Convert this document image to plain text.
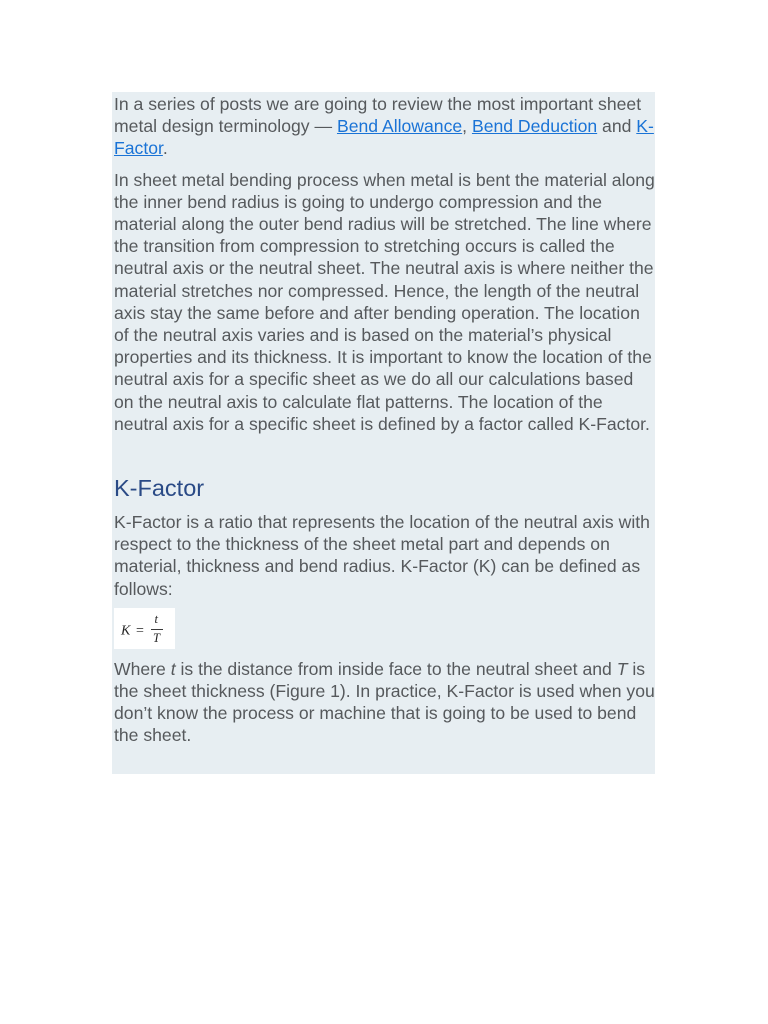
In a series of posts we are going to review the most important sheet metal design terminology — Bend Allowance, Bend Deduction and K-Factor.

In sheet metal bending process when metal is bent the material along the inner bend radius is going to undergo compression and the material along the outer bend radius will be stretched. The line where the transition from compression to stretching occurs is called the neutral axis or the neutral sheet. The neutral axis is where neither the material stretches nor compressed. Hence, the length of the neutral axis stay the same before and after bending operation. The location of the neutral axis varies and is based on the material’s physical properties and its thickness. It is important to know the location of the neutral axis for a specific sheet as we do all our calculations based on the neutral axis to calculate flat patterns. The location of the neutral axis for a specific sheet is defined by a factor called K-Factor.

K-Factor

K-Factor is a ratio that represents the location of the neutral axis with respect to the thickness of the sheet metal part and depends on material, thickness and bend radius. K-Factor (K) can be defined as follows:

K =
t
T

Where t is the distance from inside face to the neutral sheet and T is the sheet thickness (Figure 1). In practice, K-Factor is used when you don’t know the process or machine that is going to be used to bend the sheet.
